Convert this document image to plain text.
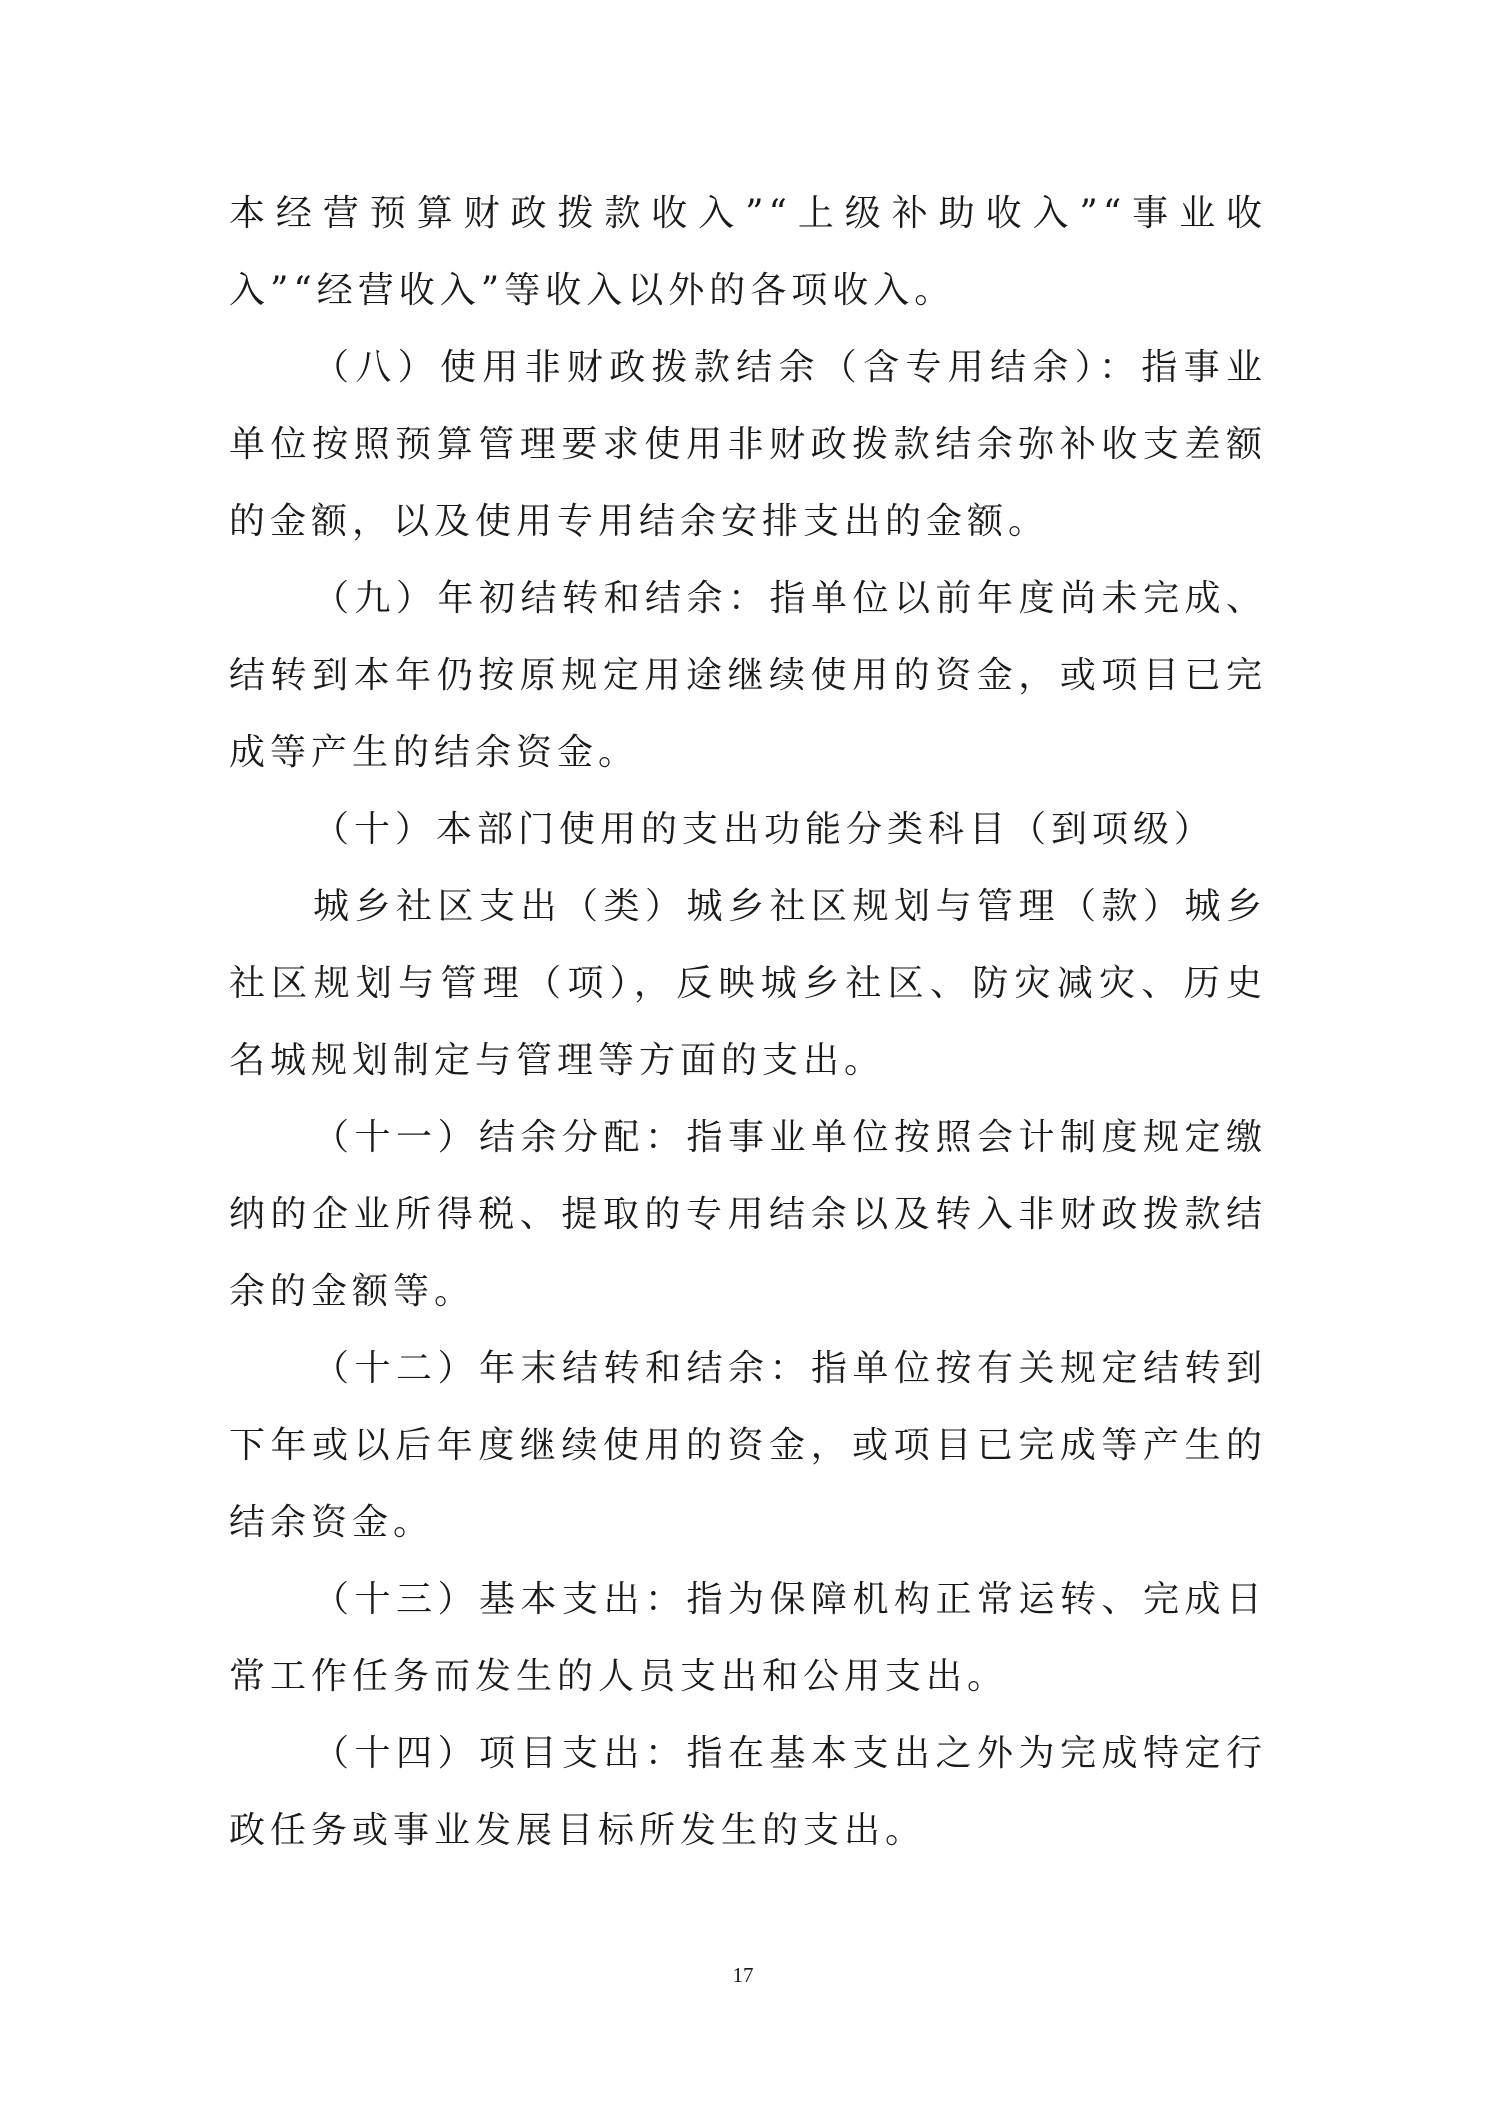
本经营预算财政拨款收入”“上级补助收入”“事业收入”“经营收入”等收入以外的各项收入。

（八）使用非财政拨款结余（含专用结余）：指事业单位按照预算管理要求使用非财政拨款结余弥补收支差额的金额，以及使用专用结余安排支出的金额。

（九）年初结转和结余：指单位以前年度尚未完成、结转到本年仍按原规定用途继续使用的资金，或项目已完成等产生的结余资金。

（十）本部门使用的支出功能分类科目（到项级）

城乡社区支出（类）城乡社区规划与管理（款）城乡社区规划与管理（项），反映城乡社区、防灾减灾、历史名城规划制定与管理等方面的支出。

（十一）结余分配：指事业单位按照会计制度规定缴纳的企业所得税、提取的专用结余以及转入非财政拨款结余的金额等。

（十二）年末结转和结余：指单位按有关规定结转到下年或以后年度继续使用的资金，或项目已完成等产生的结余资金。

（十三）基本支出：指为保障机构正常运转、完成日常工作任务而发生的人员支出和公用支出。

（十四）项目支出：指在基本支出之外为完成特定行政任务或事业发展目标所发生的支出。

17
